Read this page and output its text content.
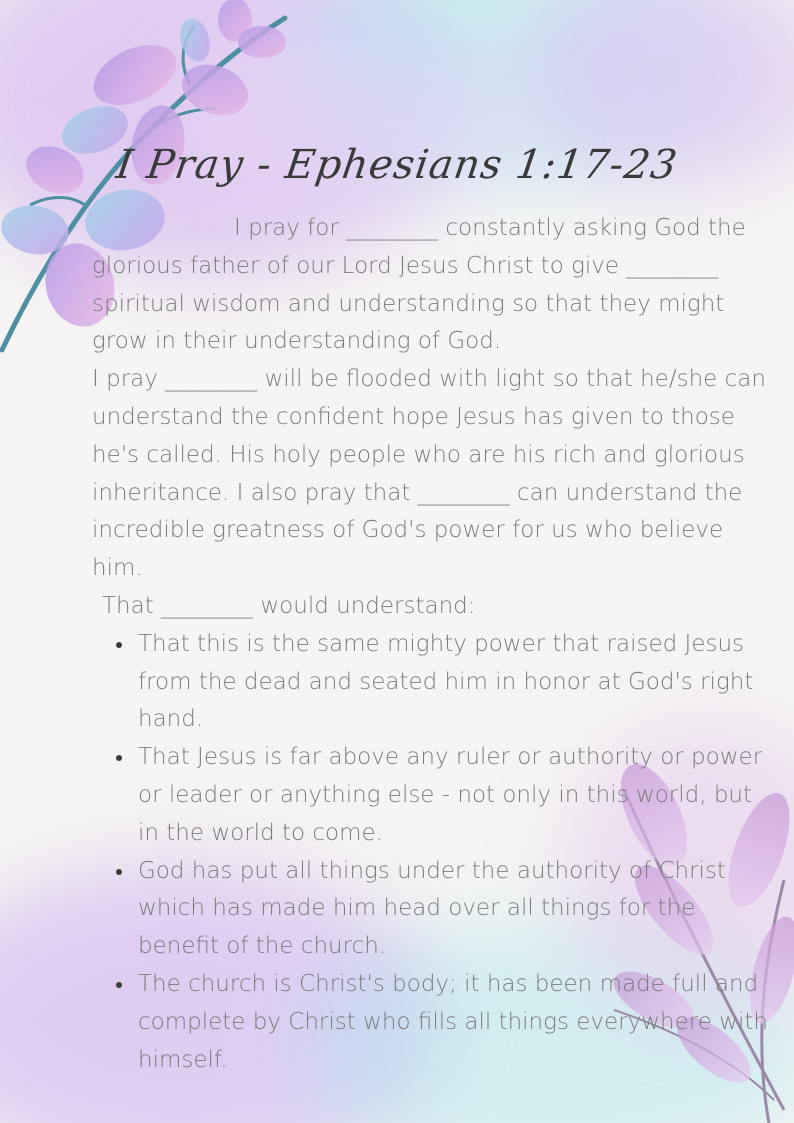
I Pray - Ephesians 1:17-23

I pray for ________ constantly asking God the glorious father of our Lord Jesus Christ to give ________ spiritual wisdom and understanding so that they might grow in their understanding of God.

I pray ________ will be flooded with light so that he/she can understand the confident hope Jesus has given to those he's called. His holy people who are his rich and glorious inheritance. I also pray that ________ can understand the incredible greatness of God's power for us who believe him.

That ________ would understand:

That this is the same mighty power that raised Jesus from the dead and seated him in honor at God's right hand.
That Jesus is far above any ruler or authority or power or leader or anything else - not only in this world, but in the world to come.
God has put all things under the authority of Christ which has made him head over all things for the benefit of the church.
The church is Christ's body; it has been made full and complete by Christ who fills all things everywhere with himself.
